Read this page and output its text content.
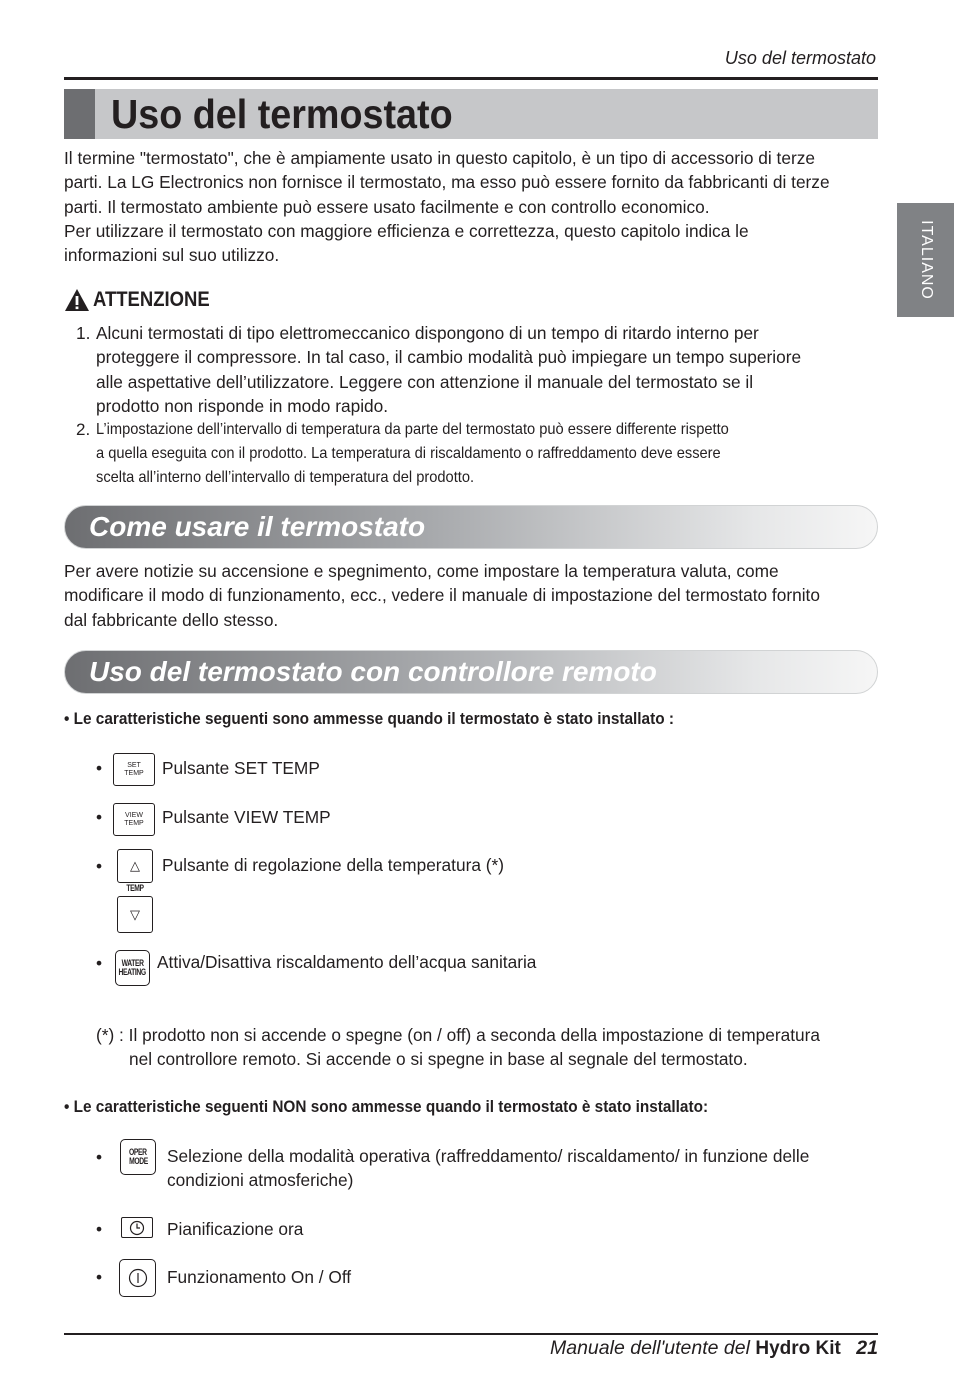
Uso del termostato
Uso del termostato
ITALIANO
Il termine "termostato", che è ampiamente usato in questo capitolo, è un tipo di accessorio di terze
parti. La LG Electronics non fornisce il termostato, ma esso può essere fornito da fabbricanti di terze
parti. Il termostato ambiente può essere usato facilmente e con controllo economico.
Per utilizzare il termostato con maggiore efficienza e correttezza, questo capitolo indica le
informazioni sul suo utilizzo.
ATTENZIONE
1. Alcuni termostati di tipo elettromeccanico dispongono di un tempo di ritardo interno per
proteggere il compressore. In tal caso, il cambio modalità può impiegare un tempo superiore
alle aspettative dell’utilizzatore. Leggere con attenzione il manuale del termostato se il
prodotto non risponde in modo rapido.
2. L’impostazione dell’intervallo di temperatura da parte del termostato può essere differente rispetto
a quella eseguita con il prodotto. La temperatura di riscaldamento o raffreddamento deve essere
scelta all’interno dell’intervallo di temperatura del prodotto.
Come usare il termostato
Per avere notizie su accensione e spegnimento, come impostare la temperatura valuta, come
modificare il modo di funzionamento, ecc., vedere il manuale di impostazione del termostato fornito
dal fabbricante dello stesso.
Uso del termostato con controllore remoto
• Le caratteristiche seguenti sono ammesse quando il termostato è stato installato :
•	SET
TEMP Pulsante SET TEMP
•	VIEW
TEMP Pulsante VIEW TEMP
• △
TEMP
▽
Pulsante di regolazione della temperatura (*)
• WATER
HEATING Attiva/Disattiva riscaldamento dell’acqua sanitaria
(*) : Il prodotto non si accende o spegne (on / off) a seconda della impostazione di temperatura
nel controllore remoto. Si accende o si spegne in base al segnale del termostato.
• Le caratteristiche seguenti NON sono ammesse quando il termostato è stato installato:
•	OPER
MODE Selezione della modalità operativa (raffreddamento/ riscaldamento/ in funzione delle
condizioni atmosferiche)
•	Pianificazione ora
•	Funzionamento On / Off
Manuale dell'utente del Hydro Kit 21
